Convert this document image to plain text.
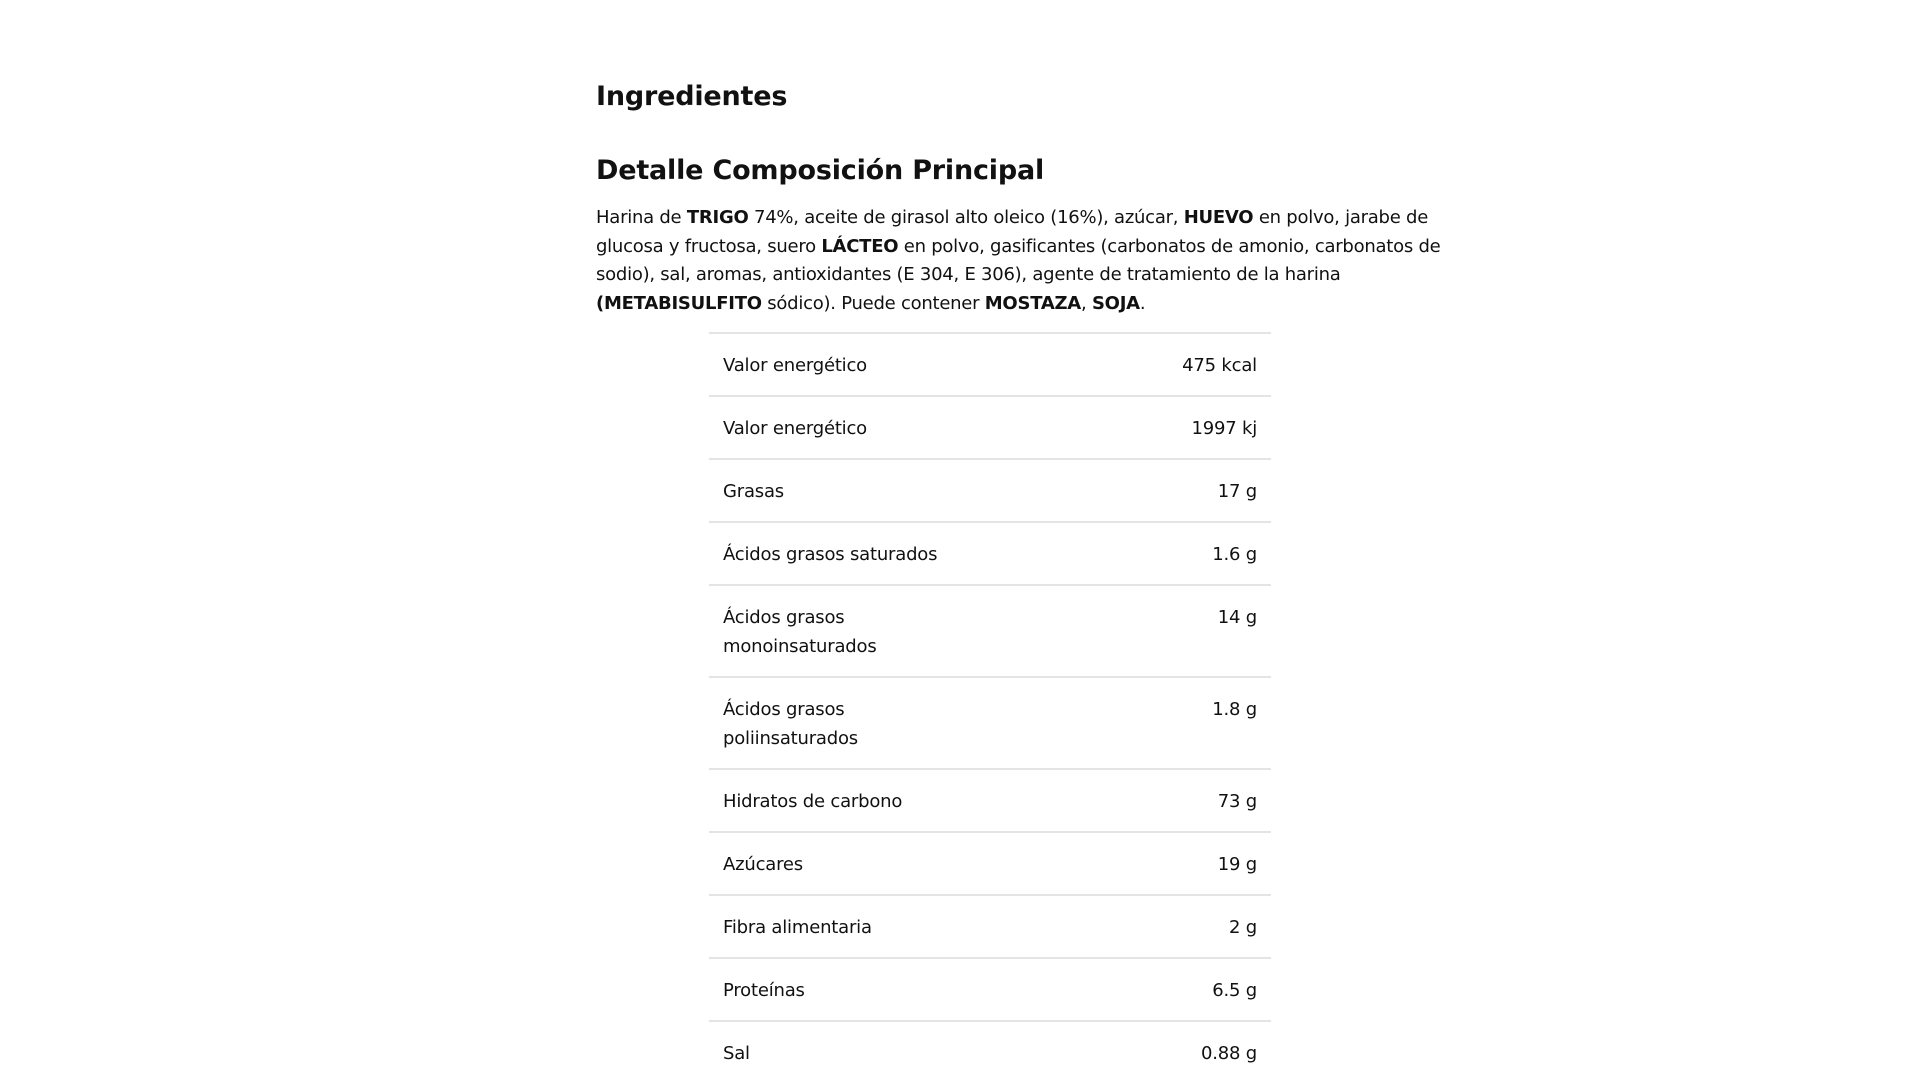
Ingredientes
Detalle Composición Principal

Harina de TRIGO 74%, aceite de girasol alto oleico (16%), azúcar, HUEVO en polvo, jarabe de glucosa y fructosa, suero LÁCTEO en polvo, gasificantes (carbonatos de amonio, carbonatos de sodio), sal, aromas, antioxidantes (E 304, E 306), agente de tratamiento de la harina (METABISULFITO sódico). Puede contener MOSTAZA, SOJA.

Valor energético	475 kcal
Valor energético	1997 kj
Grasas	17 g
Ácidos grasos saturados	1.6 g
Ácidos grasos monoinsaturados	14 g
Ácidos grasos poliinsaturados	1.8 g
Hidratos de carbono	73 g
Azúcares	19 g
Fibra alimentaria	2 g
Proteínas	6.5 g
Sal	0.88 g
